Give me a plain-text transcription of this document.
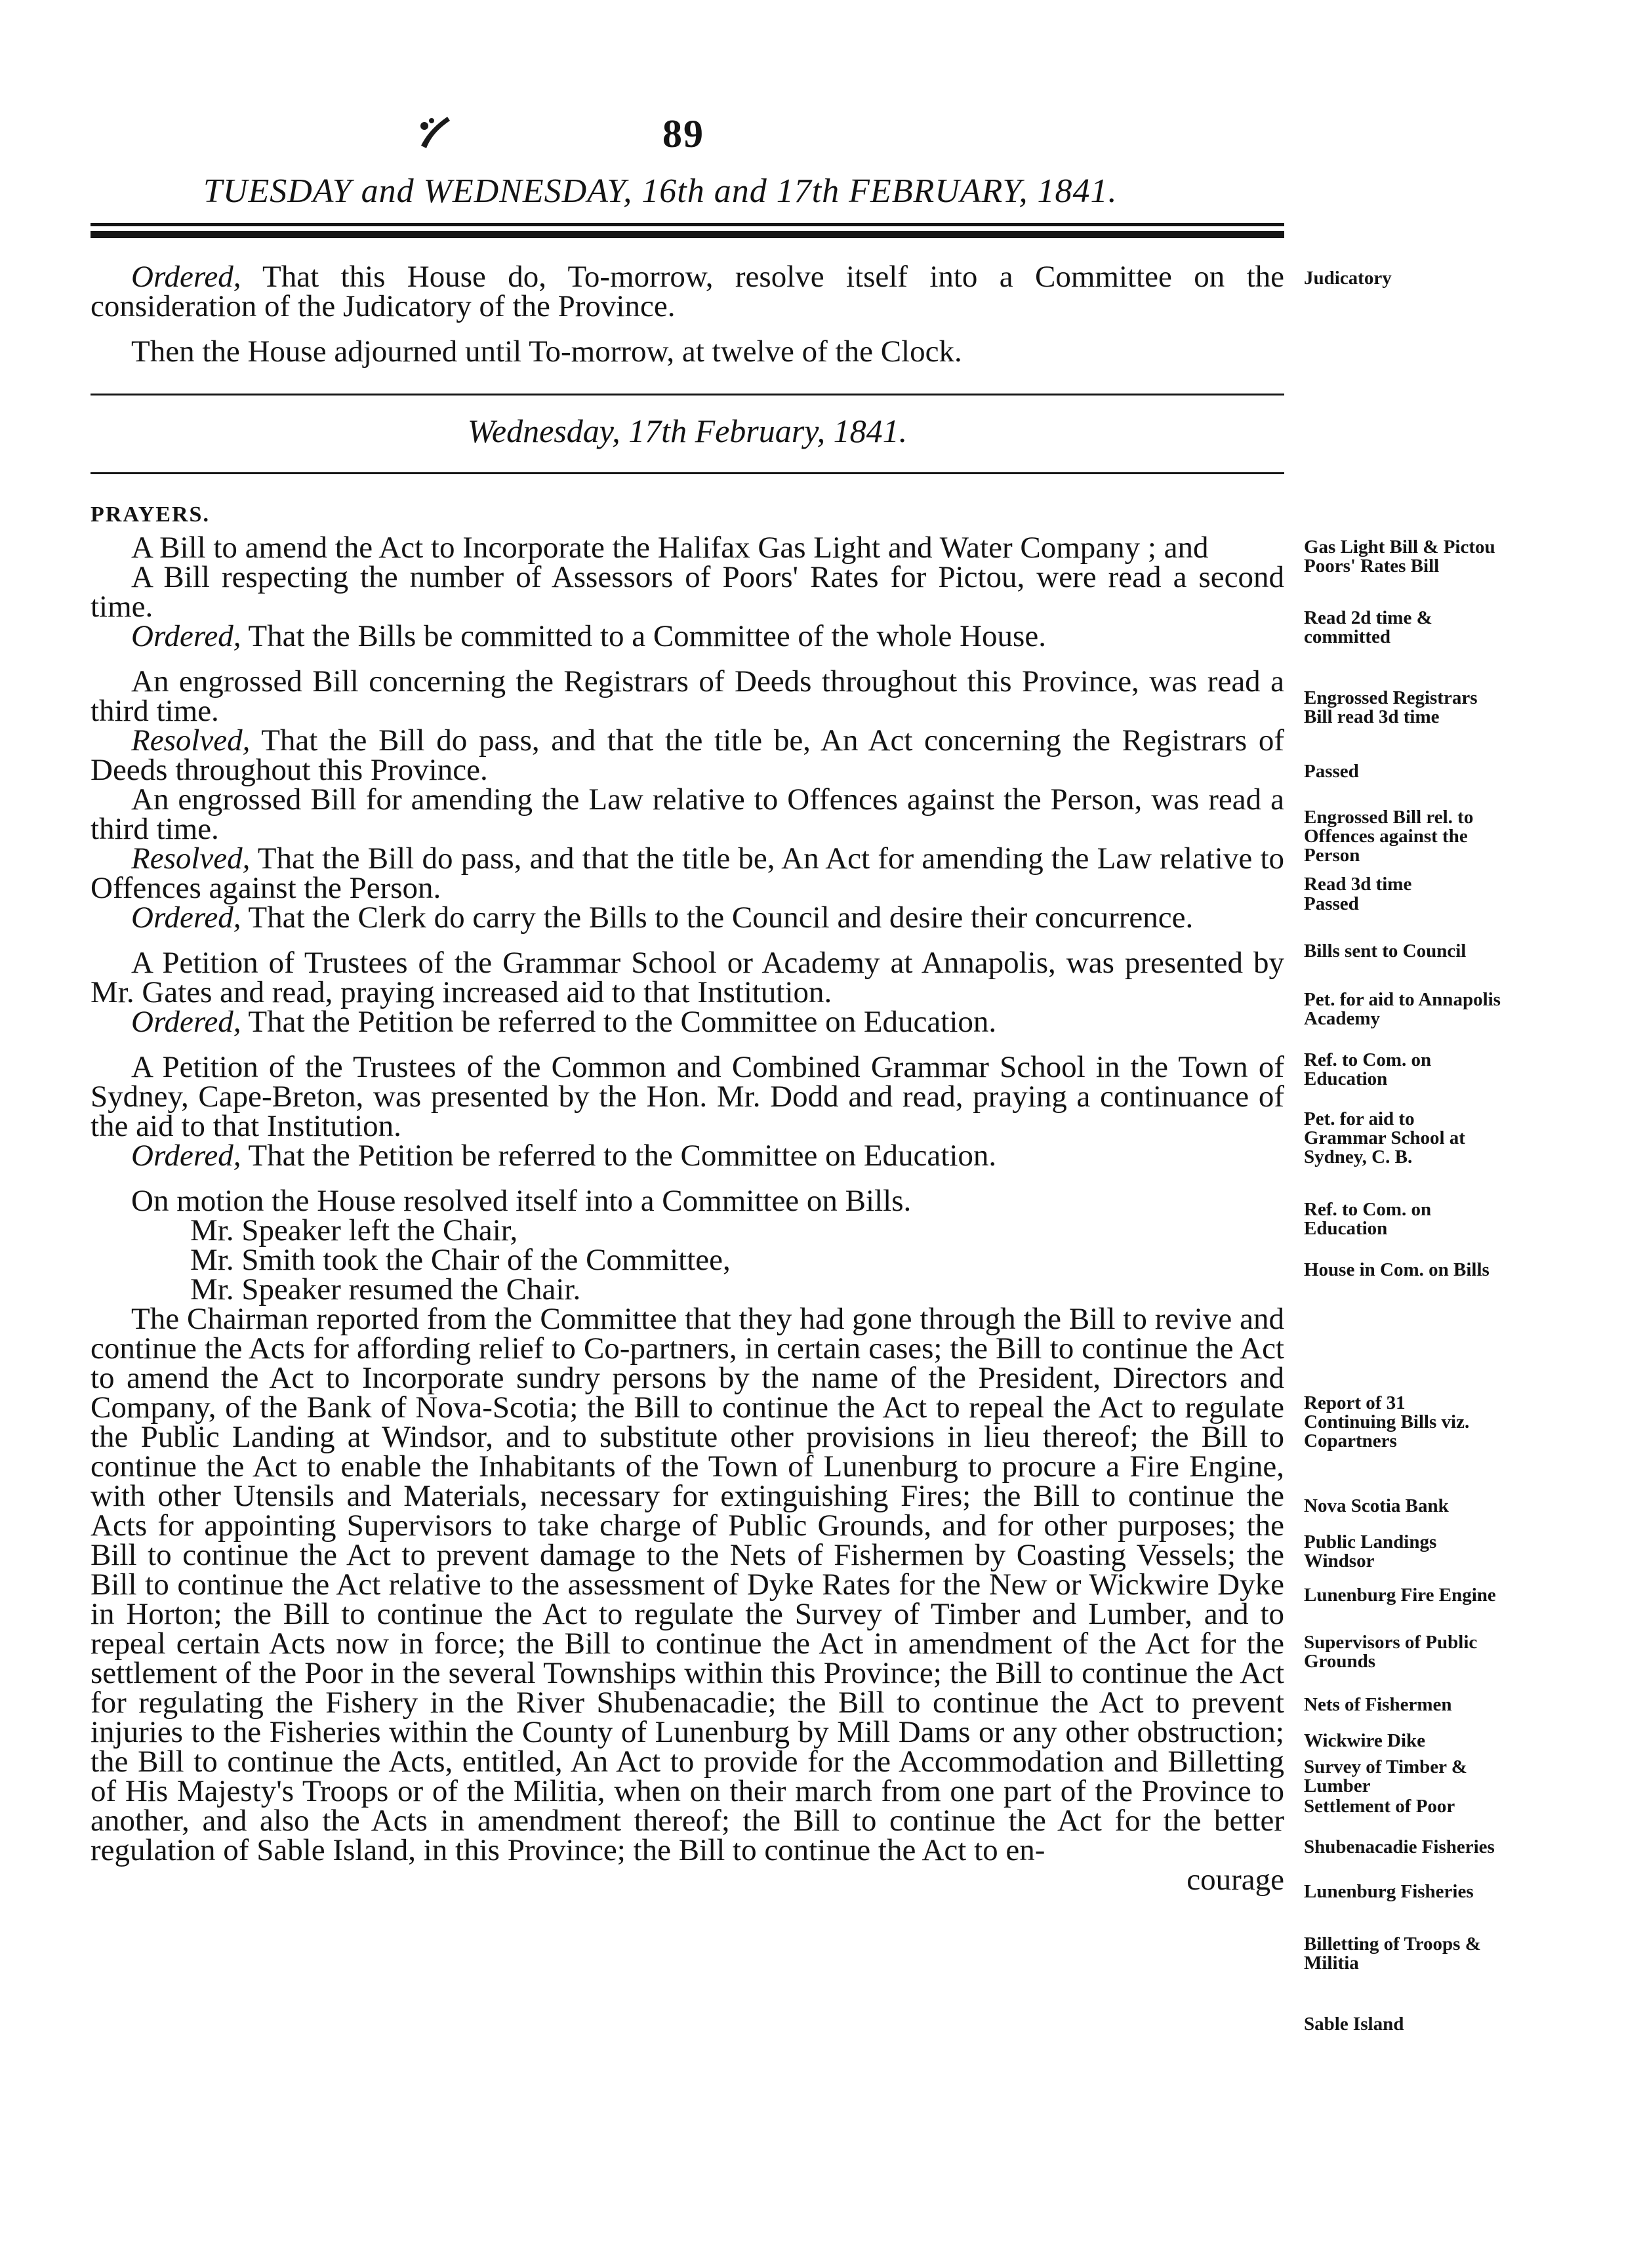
89
TUESDAY and WEDNESDAY, 16th and 17th FEBRUARY, 1841.

Ordered, That this House do, To-morrow, resolve itself into a Committee on the consideration of the Judicatory of the Province.

Then the House adjourned until To-morrow, at twelve of the Clock.

Wednesday, 17th February, 1841.

PRAYERS.

A Bill to amend the Act to Incorporate the Halifax Gas Light and Water Company ; and

A Bill respecting the number of Assessors of Poors' Rates for Pictou, were read a second time.

Ordered, That the Bills be committed to a Committee of the whole House.

An engrossed Bill concerning the Registrars of Deeds throughout this Province, was read a third time.

Resolved, That the Bill do pass, and that the title be, An Act concerning the Registrars of Deeds throughout this Province.

An engrossed Bill for amending the Law relative to Offences against the Person, was read a third time.

Resolved, That the Bill do pass, and that the title be, An Act for amending the Law relative to Offences against the Person.

Ordered, That the Clerk do carry the Bills to the Council and desire their concurrence.

A Petition of Trustees of the Grammar School or Academy at Annapolis, was presented by Mr. Gates and read, praying increased aid to that Institution.

Ordered, That the Petition be referred to the Committee on Education.

A Petition of the Trustees of the Common and Combined Grammar School in the Town of Sydney, Cape-Breton, was presented by the Hon. Mr. Dodd and read, praying a continuance of the aid to that Institution.

Ordered, That the Petition be referred to the Committee on Education.

On motion the House resolved itself into a Committee on Bills.

Mr. Speaker left the Chair,

Mr. Smith took the Chair of the Committee,

Mr. Speaker resumed the Chair.

The Chairman reported from the Committee that they had gone through the Bill to revive and continue the Acts for affording relief to Co-partners, in certain cases; the Bill to continue the Act to amend the Act to Incorporate sundry persons by the name of the President, Directors and Company, of the Bank of Nova-Scotia; the Bill to continue the Act to repeal the Act to regulate the Public Landing at Windsor, and to substitute other provisions in lieu thereof; the Bill to continue the Act to enable the Inhabitants of the Town of Lunenburg to procure a Fire Engine, with other Utensils and Materials, necessary for extinguishing Fires; the Bill to continue the Acts for appointing Supervisors to take charge of Public Grounds, and for other purposes; the Bill to continue the Act to prevent damage to the Nets of Fishermen by Coasting Vessels; the Bill to continue the Act relative to the assessment of Dyke Rates for the New or Wickwire Dyke in Horton; the Bill to continue the Act to regulate the Survey of Timber and Lumber, and to repeal certain Acts now in force; the Bill to continue the Act in amendment of the Act for the settlement of the Poor in the several Townships within this Province; the Bill to continue the Act for regulating the Fishery in the River Shubenacadie; the Bill to continue the Act to prevent injuries to the Fisheries within the County of Lunenburg by Mill Dams or any other obstruction; the Bill to continue the Acts, entitled, An Act to provide for the Accommodation and Billetting of His Majesty's Troops or of the Militia, when on their march from one part of the Province to another, and also the Acts in amendment thereof; the Bill to continue the Act for the better regulation of Sable Island, in this Province; the Bill to continue the Act to en-

courage

Judicatory
Gas Light Bill & Pictou Poors' Rates Bill
Read 2d time & committed
Engrossed Registrars Bill read 3d time
Passed
Engrossed Bill rel. to Offences against the Person
Read 3d time
Passed
Bills sent to Council
Pet. for aid to Annapolis Academy
Ref. to Com. on Education
Pet. for aid to Grammar School at Sydney, C. B.
Ref. to Com. on Education
House in Com. on Bills
Report of 31 Continuing Bills viz. Copartners
Nova Scotia Bank
Public Landings Windsor
Lunenburg Fire Engine
Supervisors of Public Grounds
Nets of Fishermen
Wickwire Dike
Survey of Timber & Lumber
Settlement of Poor
Shubenacadie Fisheries
Lunenburg Fisheries
Billetting of Troops & Militia
Sable Island
